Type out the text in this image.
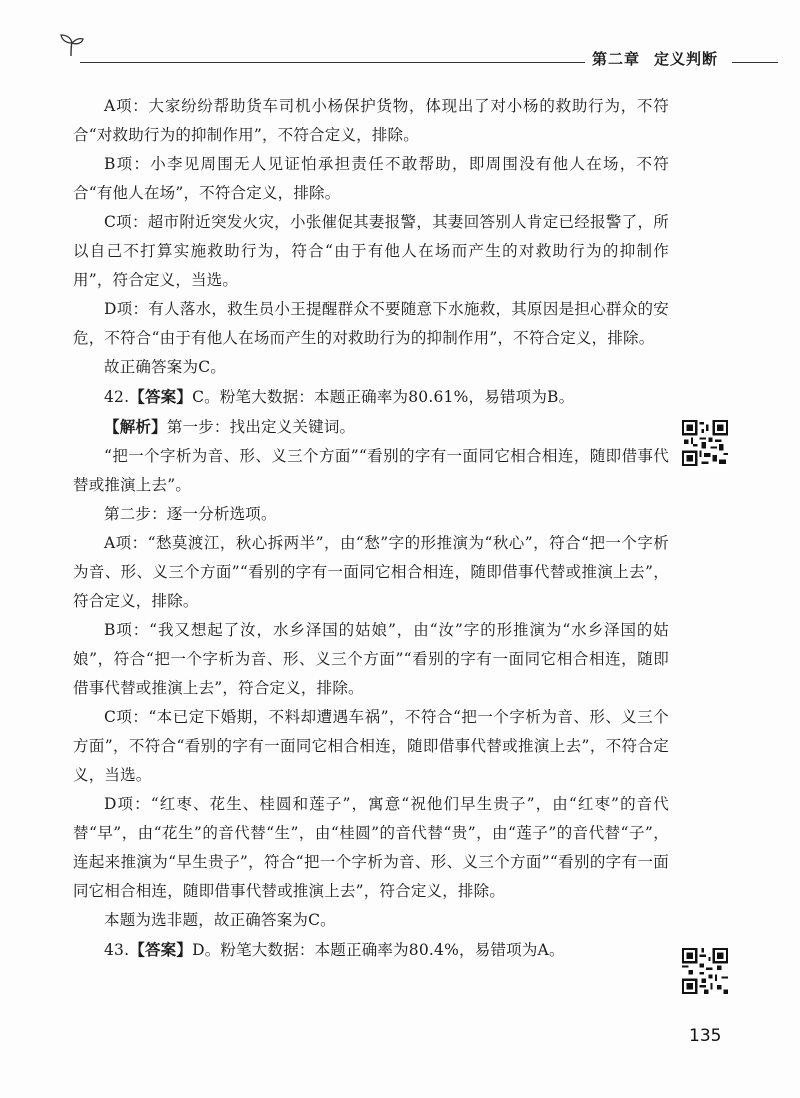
第二章 定义判断

A项：大家纷纷帮助货车司机小杨保护货物，体现出了对小杨的救助行为，不符合“对救助行为的抑制作用”，不符合定义，排除。

B项：小李见周围无人见证怕承担责任不敢帮助，即周围没有他人在场，不符合“有他人在场”，不符合定义，排除。

C项：超市附近突发火灾，小张催促其妻报警，其妻回答别人肯定已经报警了，所以自己不打算实施救助行为，符合“由于有他人在场而产生的对救助行为的抑制作用”，符合定义，当选。

D项：有人落水，救生员小王提醒群众不要随意下水施救，其原因是担心群众的安危，不符合“由于有他人在场而产生的对救助行为的抑制作用”，不符合定义，排除。

故正确答案为C。

42.【答案】C。粉笔大数据：本题正确率为80.61%，易错项为B。

【解析】第一步：找出定义关键词。

“把一个字析为音、形、义三个方面”“看别的字有一面同它相合相连，随即借事代替或推演上去”。

第二步：逐一分析选项。

A项：“愁莫渡江，秋心拆两半”，由“愁”字的形推演为“秋心”，符合“把一个字析为音、形、义三个方面”“看别的字有一面同它相合相连，随即借事代替或推演上去”，符合定义，排除。

B项：“我又想起了汝，水乡泽国的姑娘”，由“汝”字的形推演为“水乡泽国的姑娘”，符合“把一个字析为音、形、义三个方面”“看别的字有一面同它相合相连，随即借事代替或推演上去”，符合定义，排除。

C项：“本已定下婚期，不料却遭遇车祸”，不符合“把一个字析为音、形、义三个方面”，不符合“看别的字有一面同它相合相连，随即借事代替或推演上去”，不符合定义，当选。

D项：“红枣、花生、桂圆和莲子”，寓意“祝他们早生贵子”，由“红枣”的音代替“早”，由“花生”的音代替“生”，由“桂圆”的音代替“贵”，由“莲子”的音代替“子”，连起来推演为“早生贵子”，符合“把一个字析为音、形、义三个方面”“看别的字有一面同它相合相连，随即借事代替或推演上去”，符合定义，排除。

本题为选非题，故正确答案为C。

43.【答案】D。粉笔大数据：本题正确率为80.4%，易错项为A。

135
